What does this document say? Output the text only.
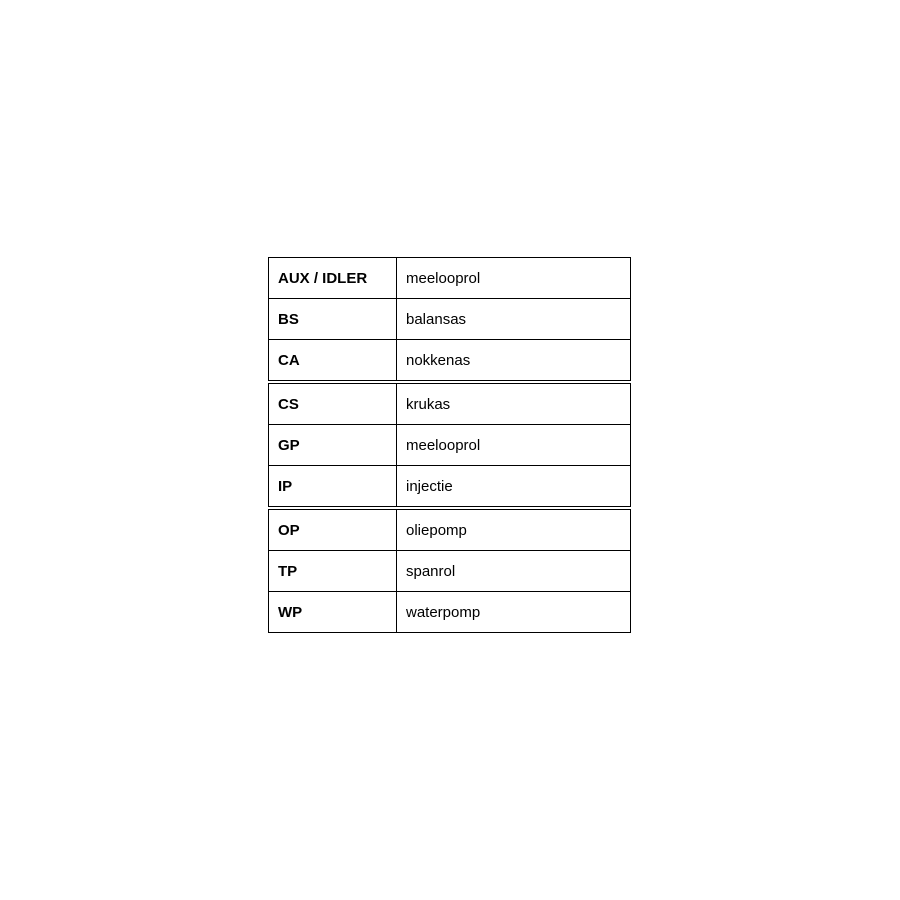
AUX / IDLER	meelooprol
BS	balansas
CA	nokkenas
CS	krukas
GP	meelooprol
IP	injectie
OP	oliepomp
TP	spanrol
WP	waterpomp
